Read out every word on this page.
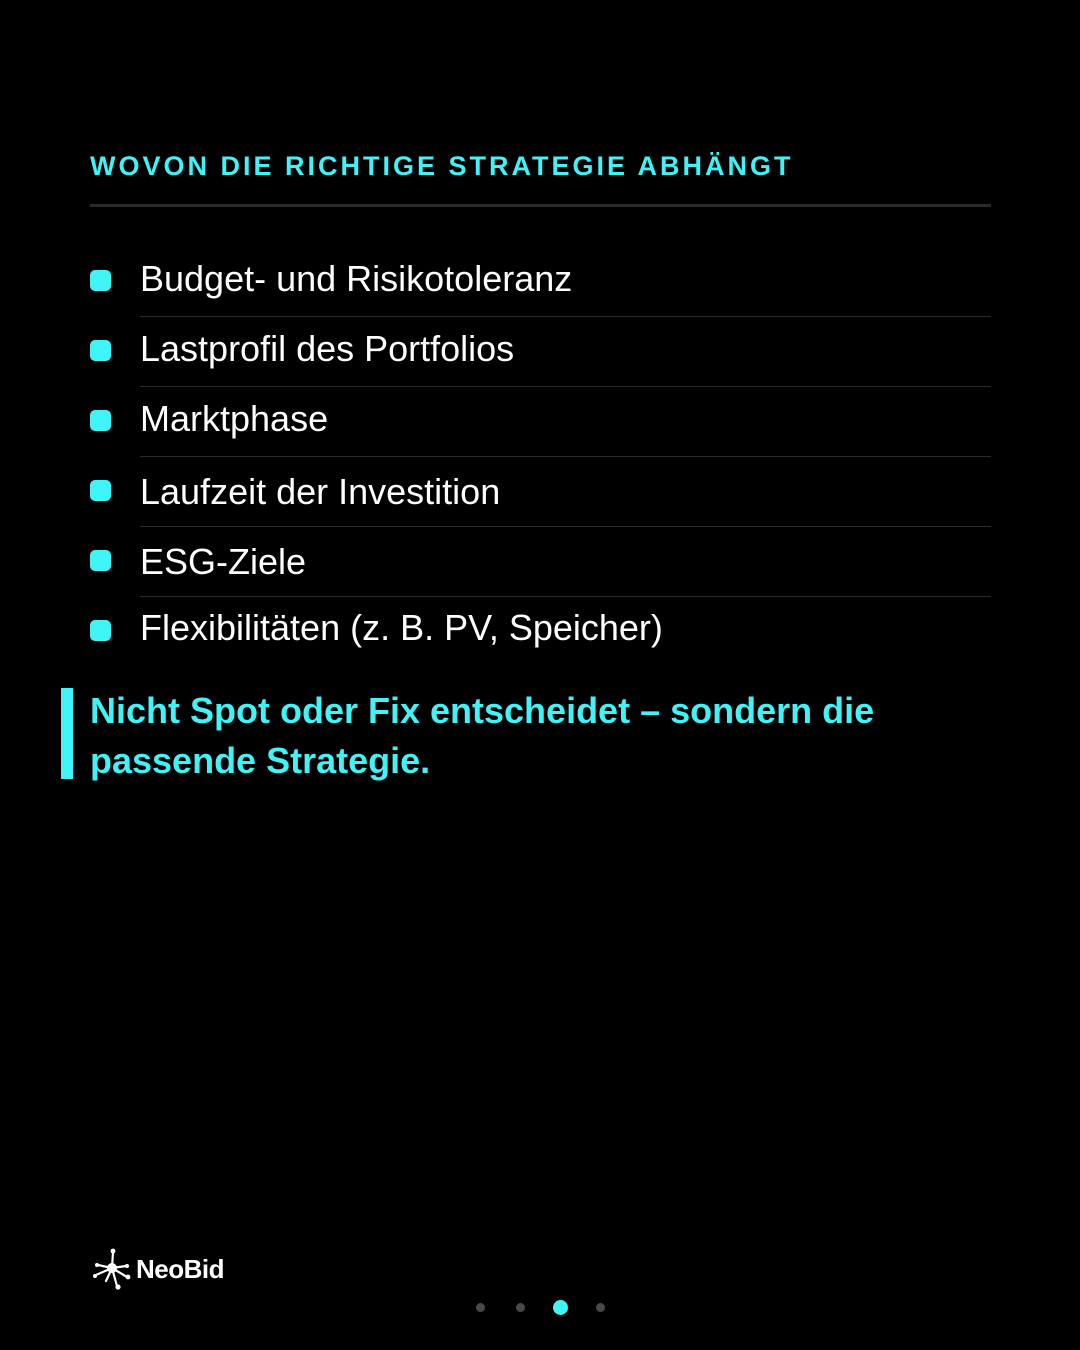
WOVON DIE RICHTIGE STRATEGIE ABHÄNGT
Budget- und Risikotoleranz
Lastprofil des Portfolios
Marktphase
Laufzeit der Investition
ESG-Ziele
Flexibilitäten (z. B. PV, Speicher)
Nicht Spot oder Fix entscheidet – sondern die passende Strategie.
NeoBid
